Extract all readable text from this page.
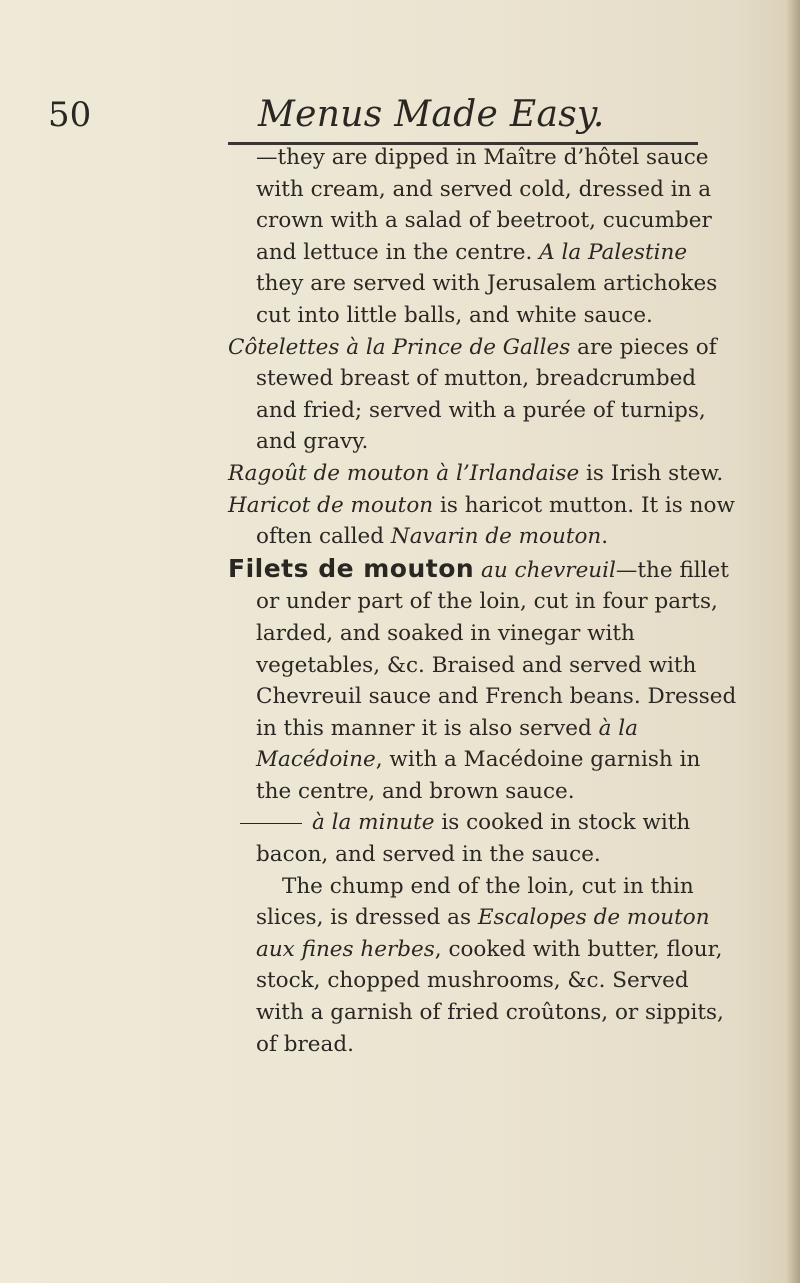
50	Menus Made Easy.

—they are dipped in Maître d’hôtel sauce with cream, and served cold, dressed in a crown with a salad of beetroot, cucumber and lettuce in the centre. A la Palestine they are served with Jerusalem artichokes cut into little balls, and white sauce.

Côtelettes à la Prince de Galles are pieces of stewed breast of mutton, breadcrumbed and fried; served with a purée of turnips, and gravy.

Ragoût de mouton à l’Irlandaise is Irish stew.

Haricot de mouton is haricot mutton. It is now often called Navarin de mouton.

Filets de mouton au chevreuil—the fillet or under part of the loin, cut in four parts, larded, and soaked in vinegar with vegetables, &c. Braised and served with Chevreuil sauce and French beans. Dressed in this manner it is also served à la Macédoine, with a Macédoine garnish in the centre, and brown sauce.

à la minute is cooked in stock with bacon, and served in the sauce.

The chump end of the loin, cut in thin slices, is dressed as Escalopes de mouton aux fines herbes, cooked with butter, flour, stock, chopped mushrooms, &c. Served with a garnish of fried croûtons, or sippits, of bread.
